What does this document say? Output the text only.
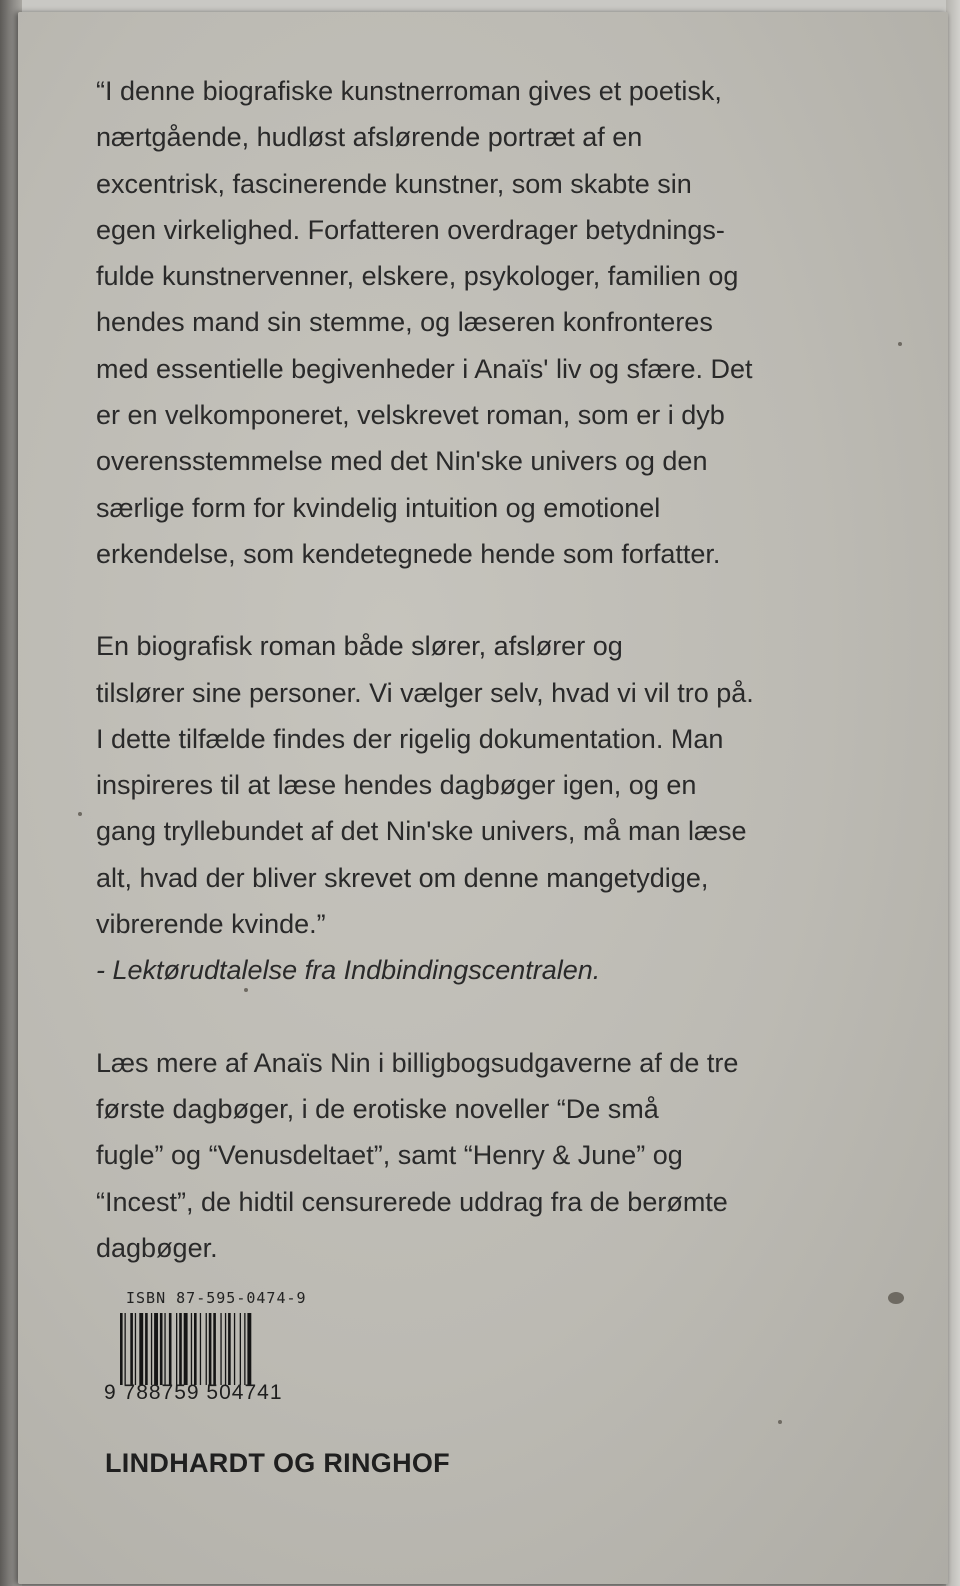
“I denne biografiske kunstnerroman gives et poetisk,

nærtgående, hudløst afslørende portræt af en

excentrisk, fascinerende kunstner, som skabte sin

egen virkelighed. Forfatteren overdrager betydnings-

fulde kunstnervenner, elskere, psykologer, familien og

hendes mand sin stemme, og læseren konfronteres

med essentielle begivenheder i Anaïs' liv og sfære. Det

er en velkomponeret, velskrevet roman, som er i dyb

overensstemmelse med det Nin'ske univers og den

særlige form for kvindelig intuition og emotionel

erkendelse, som kendetegnede hende som forfatter.

En biografisk roman både slører, afslører og

tilslører sine personer. Vi vælger selv, hvad vi vil tro på.

I dette tilfælde findes der rigelig dokumentation. Man

inspireres til at læse hendes dagbøger igen, og en

gang tryllebundet af det Nin'ske univers, må man læse

alt, hvad der bliver skrevet om denne mangetydige,

vibrerende kvinde.”

- Lektørudtalelse fra Indbindingscentralen.

Læs mere af Anaïs Nin i billigbogsudgaverne af de tre

første dagbøger, i de erotiske noveller “De små

fugle” og “Venusdeltaet”, samt “Henry & June” og

“Incest”, de hidtil censurerede uddrag fra de berømte

dagbøger.

ISBN 87-595-0474-9
9 788759 504741
LINDHARDT OG RINGHOF
